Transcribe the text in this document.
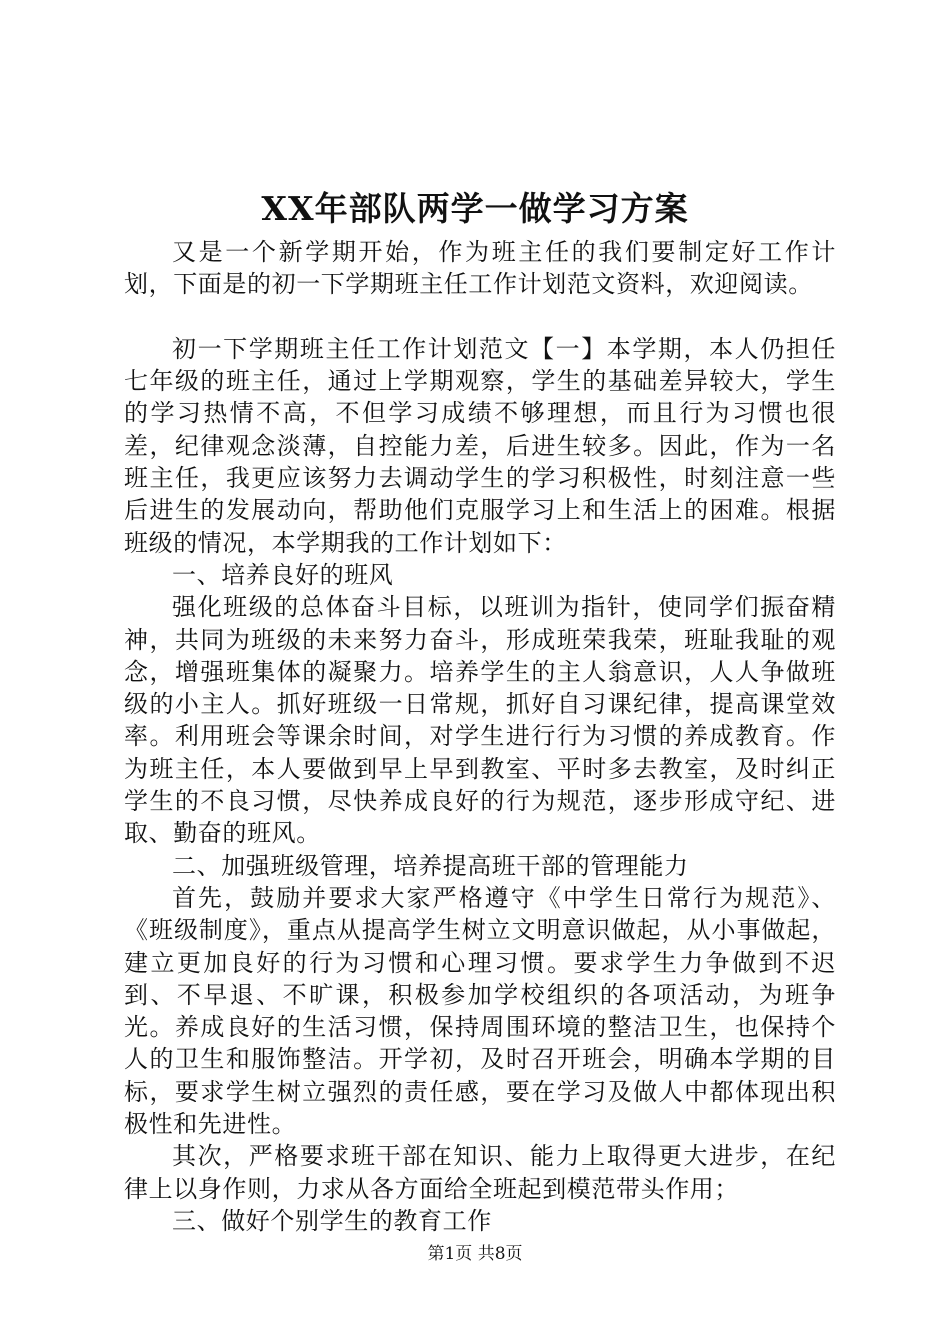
XX年部队两学一做学习方案

又是一个新学期开始，作为班主任的我们要制定好工作计划，下面是的初一下学期班主任工作计划范文资料，欢迎阅读。

初一下学期班主任工作计划范文【一】本学期，本人仍担任七年级的班主任，通过上学期观察，学生的基础差异较大，学生的学习热情不高，不但学习成绩不够理想，而且行为习惯也很差，纪律观念淡薄，自控能力差，后进生较多。因此，作为一名班主任，我更应该努力去调动学生的学习积极性，时刻注意一些后进生的发展动向，帮助他们克服学习上和生活上的困难。根据班级的情况，本学期我的工作计划如下：

一、培养良好的班风

强化班级的总体奋斗目标，以班训为指针，使同学们振奋精神，共同为班级的未来努力奋斗，形成班荣我荣，班耻我耻的观念，增强班集体的凝聚力。培养学生的主人翁意识，人人争做班级的小主人。抓好班级一日常规，抓好自习课纪律，提高课堂效率。利用班会等课余时间，对学生进行行为习惯的养成教育。作为班主任，本人要做到早上早到教室、平时多去教室，及时纠正学生的不良习惯，尽快养成良好的行为规范，逐步形成守纪、进取、勤奋的班风。

二、加强班级管理，培养提高班干部的管理能力

首先，鼓励并要求大家严格遵守《中学生日常行为规范》、《班级制度》，重点从提高学生树立文明意识做起，从小事做起，建立更加良好的行为习惯和心理习惯。要求学生力争做到不迟到、不早退、不旷课，积极参加学校组织的各项活动，为班争光。养成良好的生活习惯，保持周围环境的整洁卫生，也保持个人的卫生和服饰整洁。开学初，及时召开班会，明确本学期的目标，要求学生树立强烈的责任感，要在学习及做人中都体现出积极性和先进性。

其次，严格要求班干部在知识、能力上取得更大进步，在纪律上以身作则，力求从各方面给全班起到模范带头作用；

三、做好个别学生的教育工作

第1页 共8页
